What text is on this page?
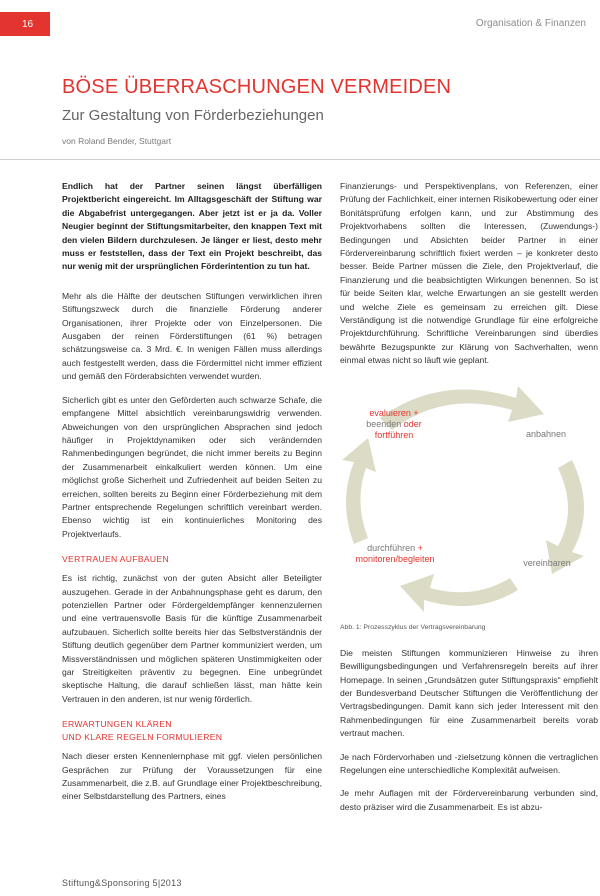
16	Organisation & Finanzen
BÖSE ÜBERRASCHUNGEN VERMEIDEN
Zur Gestaltung von Förderbeziehungen
von Roland Bender, Stuttgart

Endlich hat der Partner seinen längst überfälligen Projektbericht eingereicht. Im Alltagsgeschäft der Stiftung war die Abgabefrist untergegangen. Aber jetzt ist er ja da. Voller Neugier beginnt der Stiftungsmitarbeiter, den knappen Text mit den vielen Bildern durchzulesen. Je länger er liest, desto mehr muss er feststellen, dass der Text ein Projekt beschreibt, das nur wenig mit der ursprünglichen Förderintention zu tun hat.

Mehr als die Hälfte der deutschen Stiftungen verwirklichen ihren Stiftungszweck durch die finanzielle Förderung anderer Organisationen, ihrer Projekte oder von Einzelpersonen. Die Ausgaben der reinen Förderstiftungen (61 %) betragen schätzungsweise ca. 3 Mrd. €. In wenigen Fällen muss allerdings auch festgestellt werden, dass die Fördermittel nicht immer effizient und gemäß den Förderabsichten verwendet wurden.

Sicherlich gibt es unter den Geförderten auch schwarze Schafe, die empfangene Mittel absichtlich vereinbarungswidrig verwenden. Abweichungen von den ursprünglichen Absprachen sind jedoch häufiger in Projektdynamiken oder sich verändernden Rahmenbedingungen begründet, die nicht immer bereits zu Beginn der Zusammenarbeit einkalkuliert werden können. Um eine möglichst große Sicherheit und Zufriedenheit auf beiden Seiten zu erreichen, sollten bereits zu Beginn einer Förderbeziehung mit dem Partner entsprechende Regelungen schriftlich vereinbart werden. Ebenso wichtig ist ein kontinuierliches Monitoring des Projektverlaufs.

VERTRAUEN AUFBAUEN

Es ist richtig, zunächst von der guten Absicht aller Beteiligter auszugehen. Gerade in der Anbahnungsphase geht es darum, den potenziellen Partner oder Fördergeldempfänger kennenzulernen und eine vertrauensvolle Basis für die künftige Zusammenarbeit aufzubauen. Sicherlich sollte bereits hier das Selbstverständnis der Stiftung deutlich gegenüber dem Partner kommuniziert werden, um Missverständnissen und möglichen späteren Unstimmigkeiten oder gar Streitigkeiten präventiv zu begegnen. Eine unbegründet skeptische Haltung, die darauf schließen lässt, man hätte kein Vertrauen in den anderen, ist nur wenig förderlich.

ERWARTUNGEN KLÄREN
UND KLARE REGELN FORMULIEREN

Nach dieser ersten Kennenlernphase mit ggf. vielen persönlichen Gesprächen zur Prüfung der Voraussetzungen für eine Zusammenarbeit, die z.B. auf Grundlage einer Projektbeschreibung, einer Selbstdarstellung des Partners, eines

Finanzierungs- und Perspektivenplans, von Referenzen, einer Prüfung der Fachlichkeit, einer internen Risikobewertung oder einer Bonitätsprüfung erfolgen kann, und zur Abstimmung des Projektvorhabens sollten die Interessen, (Zuwendungs-) Bedingungen und Absichten beider Partner in einer Fördervereinbarung schriftlich fixiert werden – je konkreter desto besser. Beide Partner müssen die Ziele, den Projektverlauf, die Finanzierung und die beabsichtigten Wirkungen benennen. So ist für beide Seiten klar, welche Erwartungen an sie gestellt werden und welche Ziele es gemeinsam zu erreichen gilt. Diese Verständigung ist die notwendige Grundlage für eine erfolgreiche Projektdurchführung. Schriftliche Vereinbarungen sind überdies bewährte Bezugspunkte zur Klärung von Sachverhalten, wenn einmal etwas nicht so läuft wie geplant.

evaluieren +
beenden oder
fortführen	anbahnen
vereinbaren
durchführen +
monitoren/begleiten
Abb. 1: Prozesszyklus der Vertragsvereinbarung

Die meisten Stiftungen kommunizieren Hinweise zu ihren Bewilligungsbedingungen und Verfahrensregeln bereits auf ihrer Homepage. In seinen „Grundsätzen guter Stiftungspraxis“ empfiehlt der Bundesverband Deutscher Stiftungen die Veröffentlichung der Vertragsbedingungen. Damit kann sich jeder Interessent mit den Rahmenbedingungen für eine Zusammenarbeit bereits vorab vertraut machen.

Je nach Fördervorhaben und -zielsetzung können die vertraglichen Regelungen eine unterschiedliche Komplexität aufweisen.

Je mehr Auflagen mit der Fördervereinbarung verbunden sind, desto präziser wird die Zusammenarbeit. Es ist abzu-

Stiftung&Sponsoring 5|2013
